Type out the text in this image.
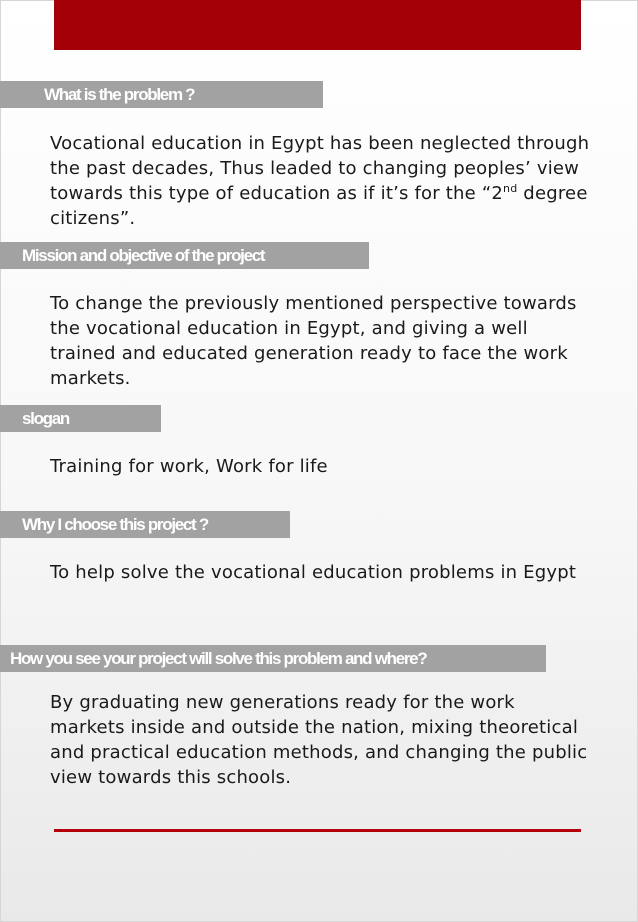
What is the problem ?
Vocational education in Egypt has been neglected through the past decades, Thus leaded to changing peoples’ view towards this type of education as if it’s for the “2nd degree citizens”.
Mission and objective of the project
To change the previously mentioned perspective towards the vocational education in Egypt, and giving a well trained and educated generation ready to face the work markets.
slogan
Training for work, Work for life
Why I choose this project ?
To help solve the vocational education problems in Egypt
How you see your project will solve this problem and where?
By graduating new generations ready for the work markets inside and outside the nation, mixing theoretical and practical education methods, and changing the public view towards this schools.
